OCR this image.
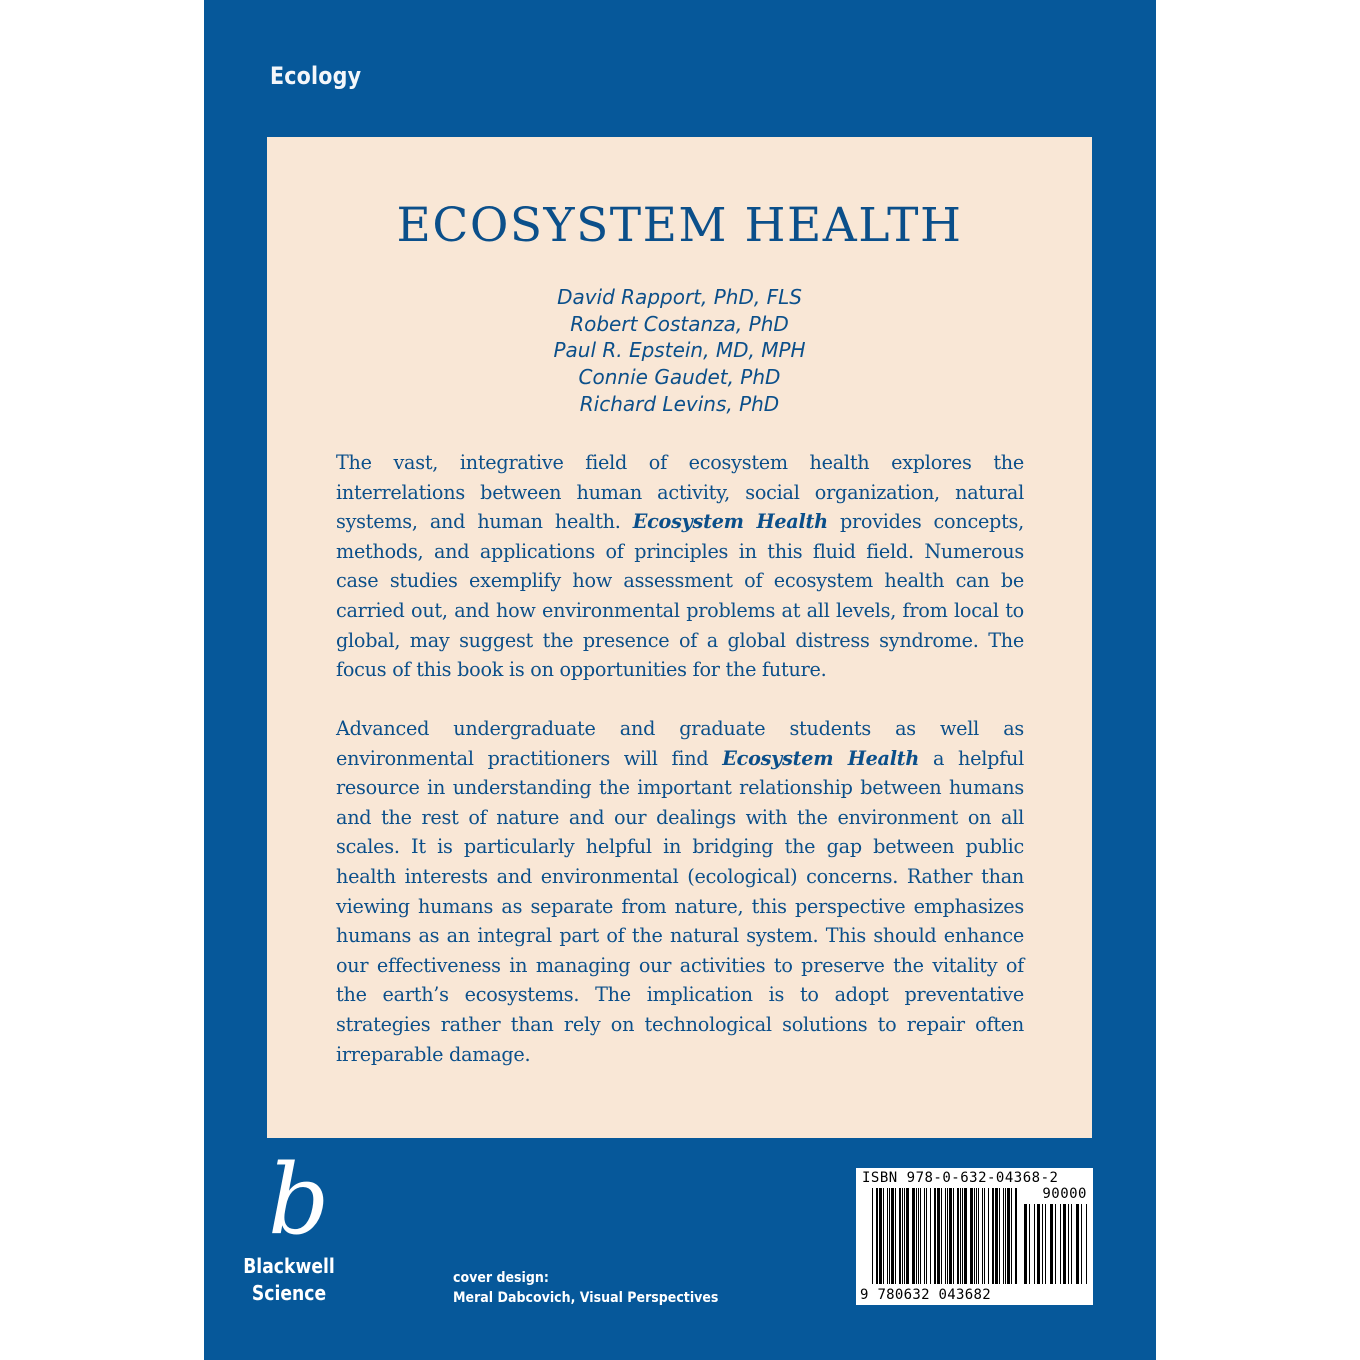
Ecology
ECOSYSTEM HEALTH
David Rapport, PhD, FLS
Robert Costanza, PhD
Paul R. Epstein, MD, MPH
Connie Gaudet, PhD
Richard Levins, PhD
The vast, integrative field of ecosystem health explores the interrelations between human activity, social organization, natural systems, and human health. Ecosystem Health provides concepts, methods, and applications of principles in this fluid field. Numerous case studies exemplify how assessment of ecosystem health can be carried out, and how environmental problems at all levels, from local to global, may suggest the presence of a global distress syndrome. The focus of this book is on opportunities for the future.
Advanced undergraduate and graduate students as well as environmental practitioners will find Ecosystem Health a helpful resource in understanding the important relationship between humans and the rest of nature and our dealings with the environment on all scales. It is particularly helpful in bridging the gap between public health interests and environmental (ecological) concerns. Rather than viewing humans as separate from nature, this perspective emphasizes humans as an integral part of the natural system. This should enhance our effectiveness in managing our activities to preserve the vitality of the earth’s ecosystems. The implication is to adopt preventative strategies rather than rely on technological solutions to repair often irreparable damage.
b
Blackwell
Science
cover design:
Meral Dabcovich, Visual Perspectives
ISBN 978-0-632-04368-2
90000
9 780632 043682
